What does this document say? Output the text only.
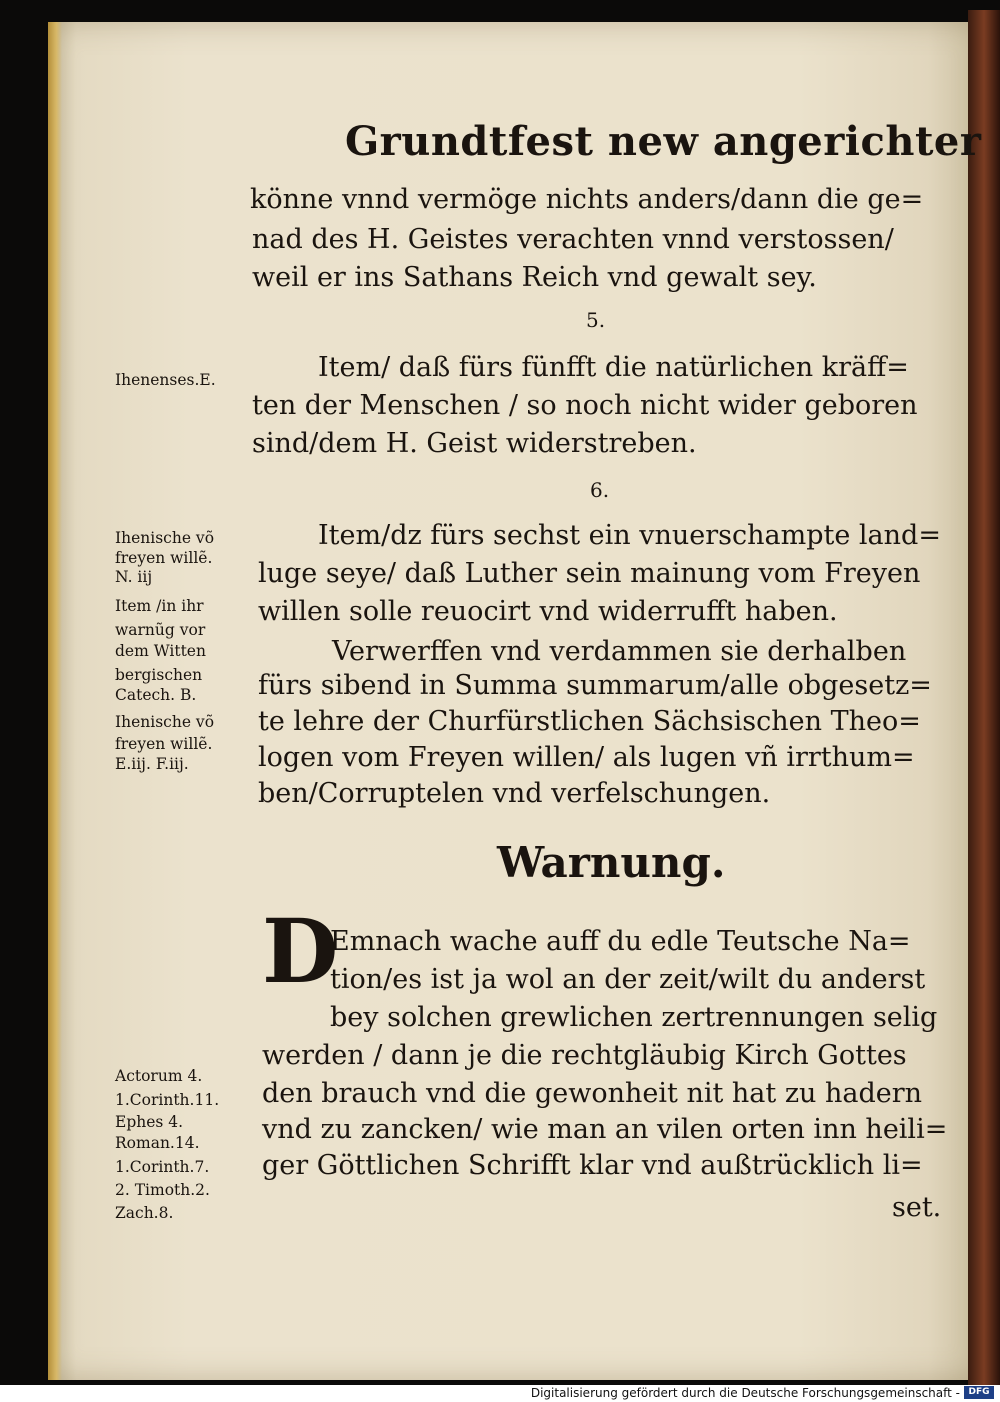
Grundtfest new angerichter
könne vnnd vermöge nichts anders/dann die ge=
nad des H. Geistes verachten vnnd verstossen/
weil er ins Sathans Reich vnd gewalt sey.
5.
Item/ daß fürs fünfft die natürlichen kräff=
ten der Menschen / so noch nicht wider geboren
sind/dem H. Geist widerstreben.
6.
Item/dz fürs sechst ein vnuerschampte land=
luge seye/ daß Luther sein mainung vom Freyen
willen solle reuocirt vnd widerrufft haben.
Verwerffen vnd verdammen sie derhalben
fürs sibend in Summa summarum/alle obgesetz=
te lehre der Churfürstlichen Sächsischen Theo=
logen vom Freyen willen/ als lugen vñ irrthum=
ben/Corruptelen vnd verfelschungen.
Warnung.
D
Emnach wache auff du edle Teutsche Na=
tion/es ist ja wol an der zeit/wilt du anderst
bey solchen grewlichen zertrennungen selig
werden / dann je die rechtgläubig Kirch Gottes
den brauch vnd die gewonheit nit hat zu hadern
vnd zu zancken/ wie man an vilen orten inn heili=
ger Göttlichen Schrifft klar vnd außtrücklich li=
set.
Ihenenses.E.
Ihenische võ
freyen willẽ.
N. iij
Item /in ihr
warnũg vor
dem Witten
bergischen
Catech. B.
Ihenische võ
freyen willẽ.
E.iij. F.iij.
Actorum 4.
1.Corinth.11.
Ephes 4.
Roman.14.
1.Corinth.7.
2. Timoth.2.
Zach.8.
Digitalisierung gefördert durch die Deutsche Forschungsgemeinschaft - DFG
